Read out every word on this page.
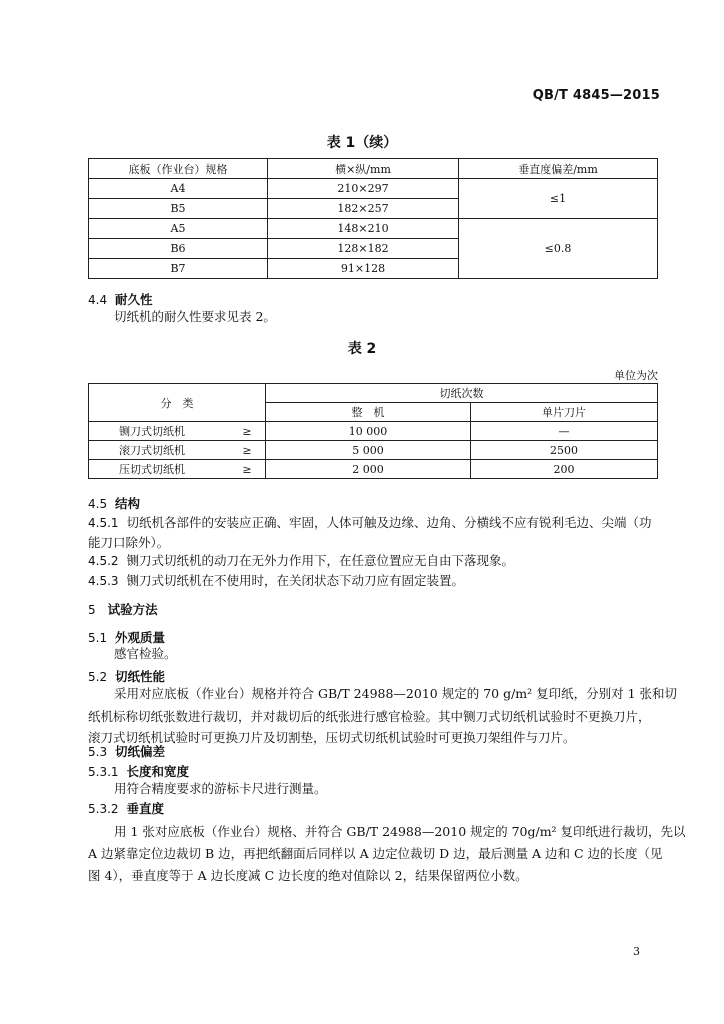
QB/T 4845—2015
表 1（续）
底板（作业台）规格	横×纵/mm	垂直度偏差/mm
A4	210×297	≤1
B5	182×257	
A5	148×210	≤0.8
B6	128×182	
B7	91×128	
4.4 耐久性
切纸机的耐久性要求见表 2。
表 2
单位为次
分　类		切纸次数	
		整　机	单片刀片
铡刀式切纸机	≥	10 000	—
滚刀式切纸机	≥	5 000	2500
压切式切纸机	≥	2 000	200
4.5 结构
4.5.1 切纸机各部件的安装应正确、牢固，人体可触及边缘、边角、分横线不应有锐利毛边、尖端（功
能刀口除外）。
4.5.2 铡刀式切纸机的动刀在无外力作用下，在任意位置应无自由下落现象。
4.5.3 铡刀式切纸机在不使用时，在关闭状态下动刀应有固定装置。
5 试验方法
5.1 外观质量
感官检验。
5.2 切纸性能
采用对应底板（作业台）规格并符合 GB/T 24988—2010 规定的 70 g/m² 复印纸，分别对 1 张和切
纸机标称切纸张数进行裁切，并对裁切后的纸张进行感官检验。其中铡刀式切纸机试验时不更换刀片，
滚刀式切纸机试验时可更换刀片及切割垫，压切式切纸机试验时可更换刀架组件与刀片。
5.3 切纸偏差
5.3.1 长度和宽度
用符合精度要求的游标卡尺进行测量。
5.3.2 垂直度
用 1 张对应底板（作业台）规格、并符合 GB/T 24988—2010 规定的 70g/m² 复印纸进行裁切，先以
A 边紧靠定位边裁切 B 边，再把纸翻面后同样以 A 边定位裁切 D 边，最后测量 A 边和 C 边的长度（见
图 4），垂直度等于 A 边长度减 C 边长度的绝对值除以 2，结果保留两位小数。
3
